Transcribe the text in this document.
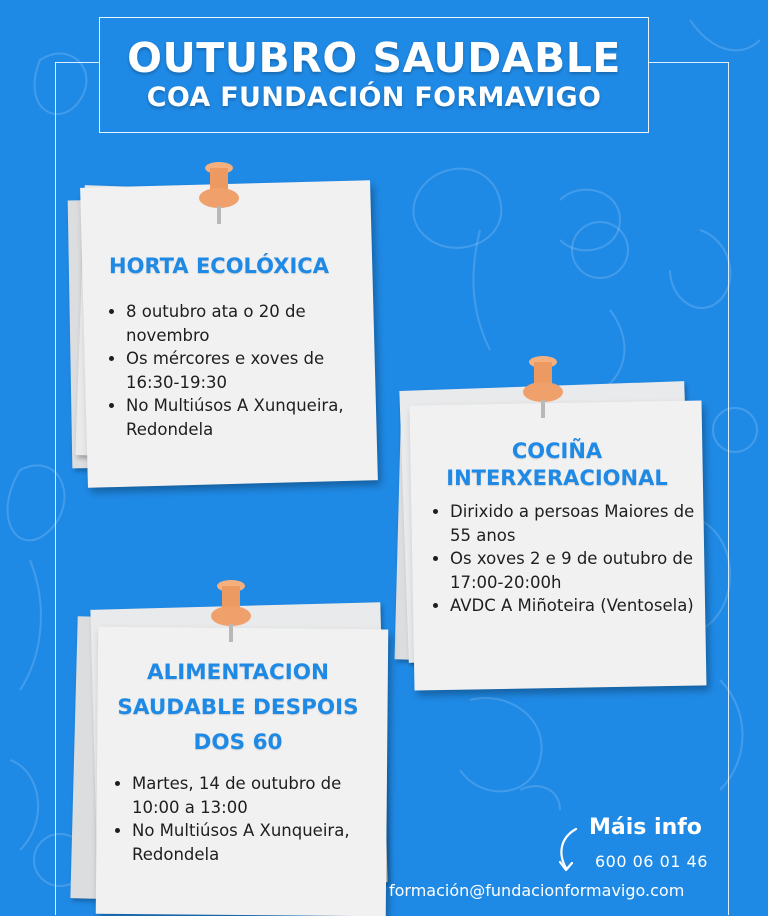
OUTUBRO SAUDABLE
COA FUNDACIÓN FORMAVIGO
HORTA ECOLÓXICA
• 8 outubro ata o 20 de novembro
• Os mércores e xoves de 16:30-19:30
• No Multiúsos A Xunqueira, Redondela
COCIÑA
INTERXERACIONAL
• Dirixido a persoas Maiores de 55 anos
• Os xoves 2 e 9 de outubro de 17:00-20:00h
• AVDC A Miñoteira (Ventosela)
ALIMENTACION
SAUDABLE DESPOIS
DOS 60
• Martes, 14 de outubro de 10:00 a 13:00
• No Multiúsos A Xunqueira, Redondela
Máis info
600 06 01 46
formación@fundacionformavigo.com
